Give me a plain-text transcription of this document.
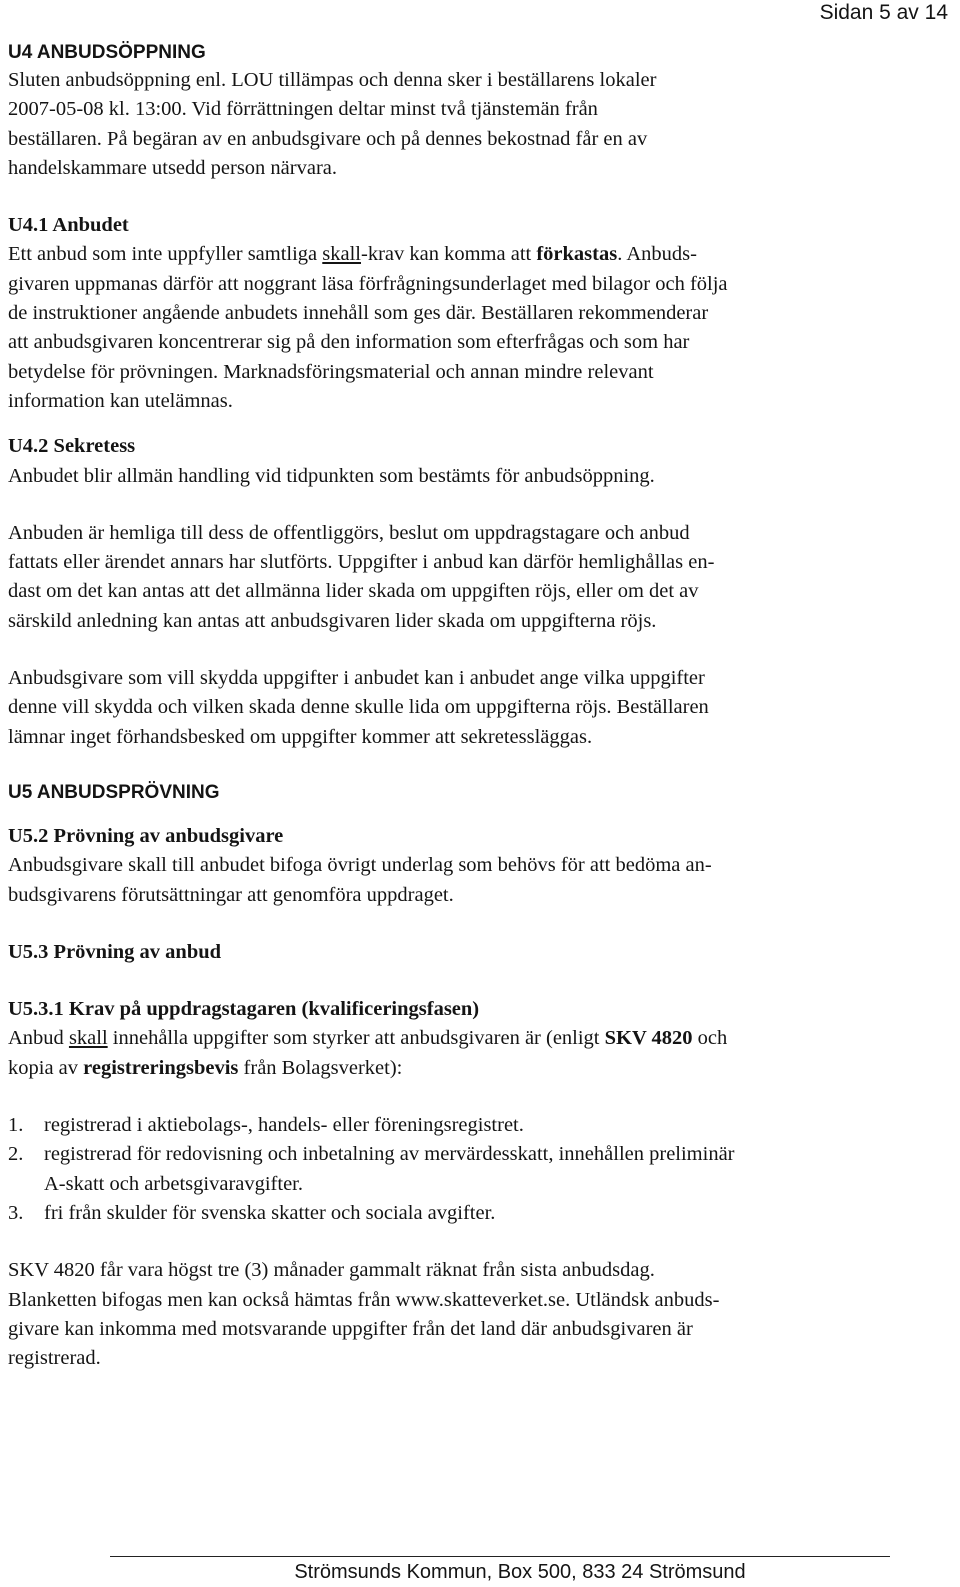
Sidan 5 av 14
U4 ANBUDSÖPPNING
Sluten anbudsöppning enl. LOU tillämpas och denna sker i beställarens lokaler
2007-05-08 kl. 13:00. Vid förrättningen deltar minst två tjänstemän från
beställaren. På begäran av en anbudsgivare och på dennes bekostnad får en av
handelskammare utsedd person närvara.
U4.1 Anbudet
Ett anbud som inte uppfyller samtliga skall-krav kan komma att förkastas. Anbuds-
givaren uppmanas därför att noggrant läsa förfrågningsunderlaget med bilagor och följa
de instruktioner angående anbudets innehåll som ges där. Beställaren rekommenderar
att anbudsgivaren koncentrerar sig på den information som efterfrågas och som har
betydelse för prövningen. Marknadsföringsmaterial och annan mindre relevant
information kan utelämnas.
U4.2 Sekretess
Anbudet blir allmän handling vid tidpunkten som bestämts för anbudsöppning.
Anbuden är hemliga till dess de offentliggörs, beslut om uppdragstagare och anbud
fattats eller ärendet annars har slutförts. Uppgifter i anbud kan därför hemlighållas en-
dast om det kan antas att det allmänna lider skada om uppgiften röjs, eller om det av
särskild anledning kan antas att anbudsgivaren lider skada om uppgifterna röjs.
Anbudsgivare som vill skydda uppgifter i anbudet kan i anbudet ange vilka uppgifter
denne vill skydda och vilken skada denne skulle lida om uppgifterna röjs. Beställaren
lämnar inget förhandsbesked om uppgifter kommer att sekretessläggas.
U5 ANBUDSPRÖVNING
U5.2 Prövning av anbudsgivare
Anbudsgivare skall till anbudet bifoga övrigt underlag som behövs för att bedöma an-
budsgivarens förutsättningar att genomföra uppdraget.
U5.3 Prövning av anbud
U5.3.1 Krav på uppdragstagaren (kvalificeringsfasen)
Anbud skall innehålla uppgifter som styrker att anbudsgivaren är (enligt SKV 4820 och
kopia av registreringsbevis från Bolagsverket):
1.	registrerad i aktiebolags-, handels- eller föreningsregistret.
2.	registrerad för redovisning och inbetalning av mervärdesskatt, innehållen preliminär
A-skatt och arbetsgivaravgifter.
3.	fri från skulder för svenska skatter och sociala avgifter.
SKV 4820 får vara högst tre (3) månader gammalt räknat från sista anbudsdag.
Blanketten bifogas men kan också hämtas från www.skatteverket.se. Utländsk anbuds-
givare kan inkomma med motsvarande uppgifter från det land där anbudsgivaren är
registrerad.
Strömsunds Kommun, Box 500, 833 24 Strömsund
